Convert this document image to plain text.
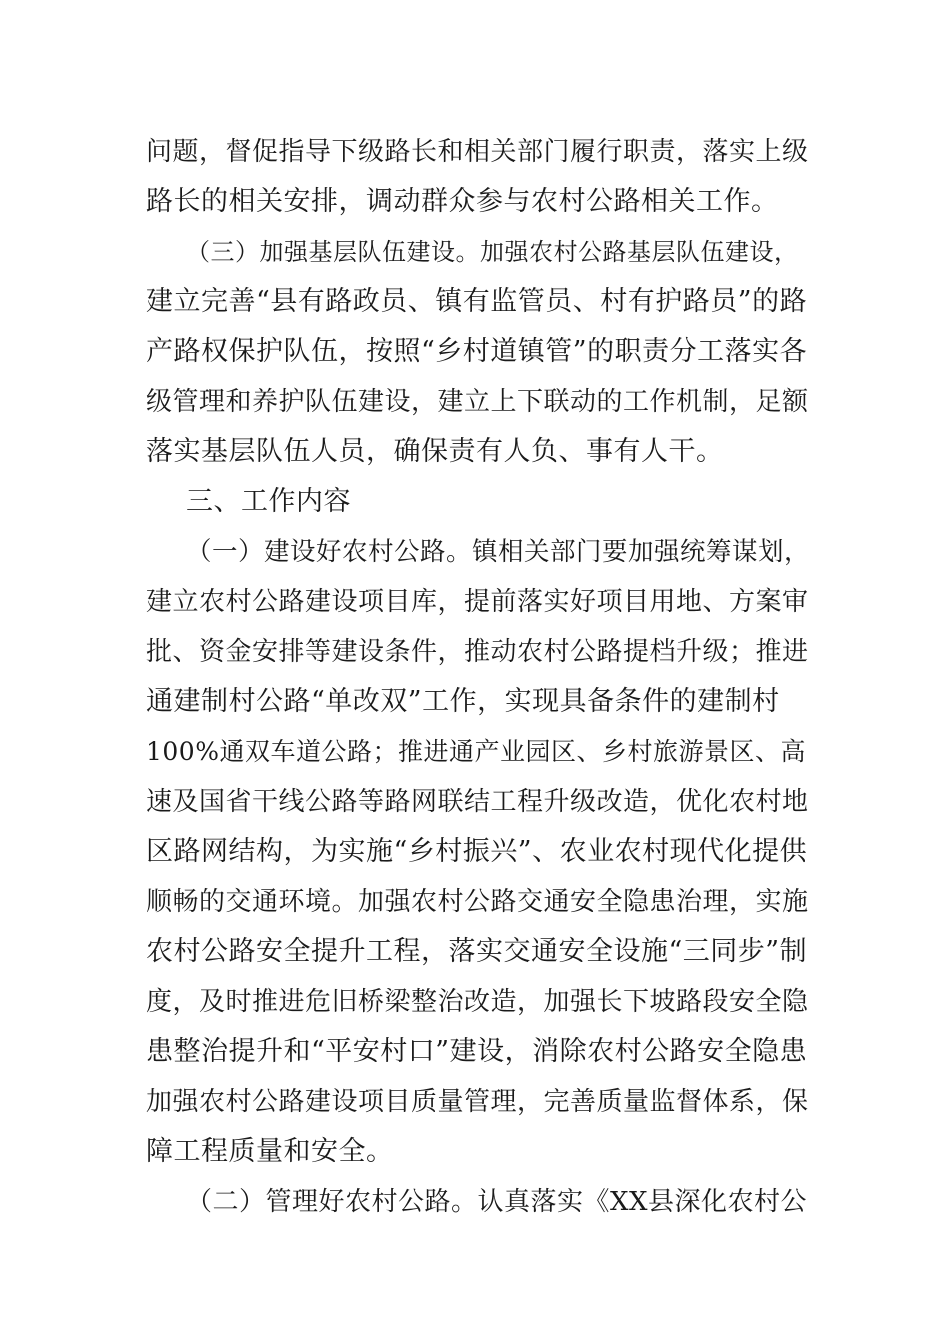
问题，督促指导下级路长和相关部门履行职责，落实上级
路长的相关安排，调动群众参与农村公路相关工作。
（三）加强基层队伍建设。加强农村公路基层队伍建设，
建立完善“县有路政员、镇有监管员、村有护路员”的路
产路权保护队伍，按照“乡村道镇管”的职责分工落实各
级管理和养护队伍建设，建立上下联动的工作机制，足额
落实基层队伍人员，确保责有人负、事有人干。
三、工作内容
（一）建设好农村公路。镇相关部门要加强统筹谋划，
建立农村公路建设项目库，提前落实好项目用地、方案审
批、资金安排等建设条件，推动农村公路提档升级；推进
通建制村公路“单改双”工作，实现具备条件的建制村
100%通双车道公路；推进通产业园区、乡村旅游景区、高
速及国省干线公路等路网联结工程升级改造，优化农村地
区路网结构，为实施“乡村振兴”、农业农村现代化提供
顺畅的交通环境。加强农村公路交通安全隐患治理，实施
农村公路安全提升工程，落实交通安全设施“三同步”制
度，及时推进危旧桥梁整治改造，加强长下坡路段安全隐
患整治提升和“平安村口”建设，消除农村公路安全隐患
加强农村公路建设项目质量管理，完善质量监督体系，保
障工程质量和安全。
（二）管理好农村公路。认真落实《XX县深化农村公
